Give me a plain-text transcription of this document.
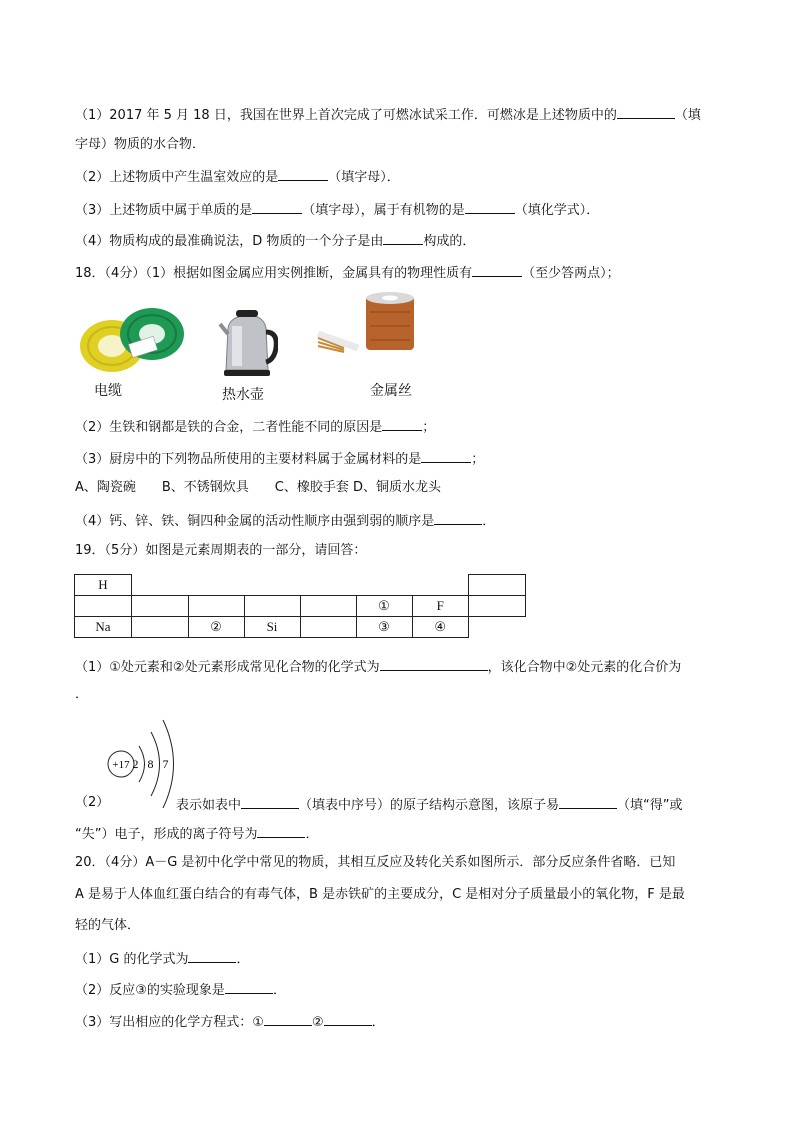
（1）2017 年 5 月 18 日，我国在世界上首次完成了可燃冰试采工作．可燃冰是上述物质中的	（填
字母）物质的水合物．
（2）上述物质中产生温室效应的是	（填字母）．
（3）上述物质中属于单质的是	（填字母），属于有机物的是	（填化学式）．
（4）物质构成的最准确说法，D 物质的一个分子是由	构成的．
18．（4分）（1）根据如图金属应用实例推断，金属具有的物理性质有	（至少答两点）；
电缆	热水壶	金属丝
（2）生铁和钢都是铁的合金，二者性能不同的原因是	；
（3）厨房中的下列物品所使用的主要材料属于金属材料的是	；
A、陶瓷碗　　B、不锈钢炊具　　C、橡胶手套 D、铜质水龙头
（4）钙、锌、铁、铜四种金属的活动性顺序由强到弱的顺序是	．
19．（5分）如图是元素周期表的一部分，请回答：
H							
					①	F	
Na		②	Si		③	④	
（1）①处元素和②处元素形成常见化合物的化学式为	，该化合物中②处元素的化合价为
．
+17 2 8 7
（2）	表示如表中	（填表中序号）的原子结构示意图，该原子易	（填“得”或
“失”）电子，形成的离子符号为	．
20．（4分）A－G 是初中化学中常见的物质，其相互反应及转化关系如图所示．部分反应条件省略．已知
A 是易于人体血红蛋白结合的有毒气体，B 是赤铁矿的主要成分，C 是相对分子质量最小的氧化物，F 是最
轻的气体．
（1）G 的化学式为	．
（2）反应③的实验现象是	．
（3）写出相应的化学方程式：①	②	．
